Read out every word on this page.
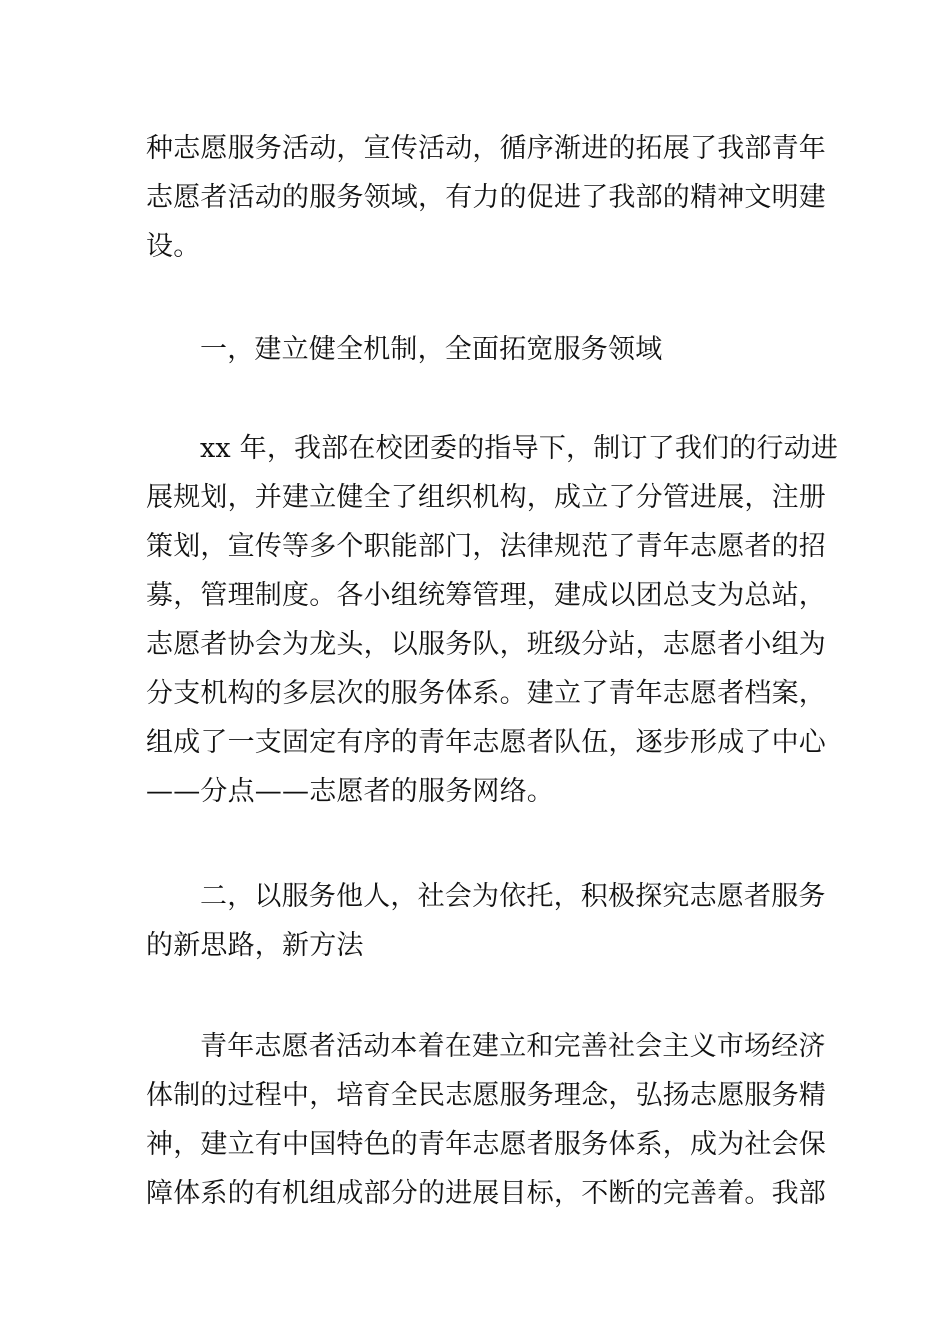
种志愿服务活动，宣传活动，循序渐进的拓展了我部青年
志愿者活动的服务领域，有力的促进了我部的精神文明建
设。
一，建立健全机制，全面拓宽服务领域
xx 年，我部在校团委的指导下，制订了我们的行动进
展规划，并建立健全了组织机构，成立了分管进展，注册
策划，宣传等多个职能部门，法律规范了青年志愿者的招
募，管理制度。各小组统筹管理，建成以团总支为总站，
志愿者协会为龙头，以服务队，班级分站，志愿者小组为
分支机构的多层次的服务体系。建立了青年志愿者档案，
组成了一支固定有序的青年志愿者队伍，逐步形成了中心
——分点——志愿者的服务网络。
二，以服务他人，社会为依托，积极探究志愿者服务
的新思路，新方法
青年志愿者活动本着在建立和完善社会主义市场经济
体制的过程中，培育全民志愿服务理念，弘扬志愿服务精
神，建立有中国特色的青年志愿者服务体系，成为社会保
障体系的有机组成部分的进展目标，不断的完善着。我部
